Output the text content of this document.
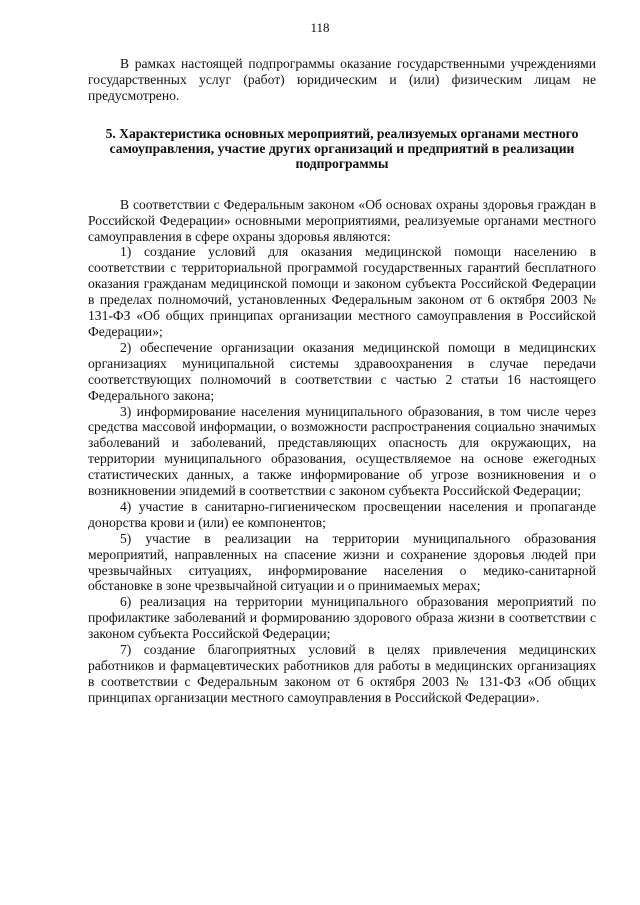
118

В рамках настоящей подпрограммы оказание государственными учреждениями государственных услуг (работ) юридическим и (или) физическим лицам не предусмотрено.

5. Характеристика основных мероприятий, реализуемых органами местного самоуправления, участие других организаций и предприятий в реализации подпрограммы

В соответствии с Федеральным законом «Об основах охраны здоровья граждан в Российской Федерации» основными мероприятиями, реализуемые органами местного самоуправления в сфере охраны здоровья являются:

1) создание условий для оказания медицинской помощи населению в соответствии с территориальной программой государственных гарантий бесплатного оказания гражданам медицинской помощи и законом субъекта Российской Федерации в пределах полномочий, установленных Федеральным законом от 6 октября 2003 № 131-ФЗ «Об общих принципах организации местного самоуправления в Российской Федерации»;

2) обеспечение организации оказания медицинской помощи в медицинских организациях муниципальной системы здравоохранения в случае передачи соответствующих полномочий в соответствии с частью 2 статьи 16 настоящего Федерального закона;

3) информирование населения муниципального образования, в том числе через средства массовой информации, о возможности распространения социально значимых заболеваний и заболеваний, представляющих опасность для окружающих, на территории муниципального образования, осуществляемое на основе ежегодных статистических данных, а также информирование об угрозе возникновения и о возникновении эпидемий в соответствии с законом субъекта Российской Федерации;

4) участие в санитарно-гигиеническом просвещении населения и пропаганде донорства крови и (или) ее компонентов;

5) участие в реализации на территории муниципального образования мероприятий, направленных на спасение жизни и сохранение здоровья людей при чрезвычайных ситуациях, информирование населения о медико-санитарной обстановке в зоне чрезвычайной ситуации и о принимаемых мерах;

6) реализация на территории муниципального образования мероприятий по профилактике заболеваний и формированию здорового образа жизни в соответствии с законом субъекта Российской Федерации;

7) создание благоприятных условий в целях привлечения медицинских работников и фармацевтических работников для работы в медицинских организациях в соответствии с Федеральным законом от 6 октября 2003 № 131-ФЗ «Об общих принципах организации местного самоуправления в Российской Федерации».
